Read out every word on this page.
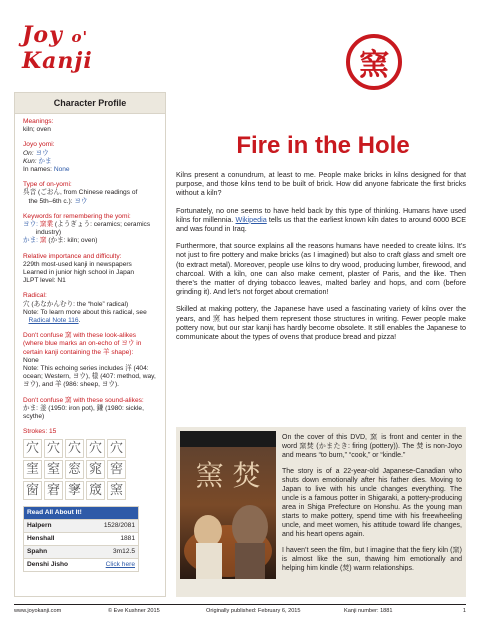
Joy o' Kanji	窯
Character Profile
Meanings:
kiln; oven
Joyo yomi:
On: ヨウ
Kun: かま
In names: None
Type of on-yomi:
呉音 (ごおん, from Chinese readings of
the 5th–6th c.): ヨウ
Keywords for remembering the yomi:
ヨウ: 窯業 (ようぎょう: ceramics; ceramics
industry)
かま: 窯 (かま: kiln; oven)
Relative importance and difficulty:
229th most-used kanji in newspapers
Learned in junior high school in Japan
JLPT level: N1
Radical:
穴 (あなかんむり: the “hole” radical)
Note: To learn more about this radical, see
Radical Note 116.
Don't confuse 窯 with these look-alikes (where blue marks an on-echo of ヨウ in certain kanji containing the 羊 shape):
None
Note: This echoing series includes 洋 (404: ocean; Western, ヨウ), 様 (407: method, way, ヨウ), and 羊 (986: sheep, ヨウ).
Don't confuse 窯 with these sound-alikes:
かま: 釜 (1950: iron pot), 鎌 (1980: sickle, scythe)
Strokes: 15
穴 穴 穴 穴 穴
窐 窒 窓 窕 窖
窗 窘 窙 窚 窯
Read All About It!
Halpern	1528/2081
Henshall	1881
Spahn	3m12.5
Denshi Jisho	Click here
Fire in the Hole

Kilns present a conundrum, at least to me. People make bricks in kilns designed for that purpose, and those kilns tend to be built of brick. How did anyone fabricate the first bricks without a kiln?

Fortunately, no one seems to have held back by this type of thinking. Humans have used kilns for millennia. Wikipedia tells us that the earliest known kiln dates to around 6000 BCE and was found in Iraq.

Furthermore, that source explains all the reasons humans have needed to create kilns. It’s not just to fire pottery and make bricks (as I imagined) but also to craft glass and smelt ore (to extract metal). Moreover, people use kilns to dry wood, producing lumber, firewood, and charcoal. With a kiln, one can also make cement, plaster of Paris, and the like. Then there’s the matter of drying tobacco leaves, malted barley and hops, and corn (before grinding it). And let’s not forget about cremation!

Skilled at making pottery, the Japanese have used a fascinating variety of kilns over the years, and 窯 has helped them represent those structures in writing. Fewer people make pottery now, but our star kanji has hardly become obsolete. It still enables the Japanese to communicate about the types of ovens that produce bread and pizza!

窯 焚

On the cover of this DVD, 窯 is front and center in the word 窯焚 (かまたき: firing (pottery)). The 焚 is non-Joyo and means “to burn,” “cook,” or “kindle.”

The story is of a 22-year-old Japanese-Canadian who shuts down emotionally after his father dies. Moving to Japan to live with his uncle changes everything. The uncle is a famous potter in Shigaraki, a pottery-producing area in Shiga Prefecture on Honshu. As the young man starts to make pottery, spend time with his freewheeling uncle, and meet women, his attitude toward life changes, and his heart opens again.

I haven’t seen the film, but I imagine that the fiery kiln (窯) is almost like the sun, thawing him emotionally and helping him kindle (焚) warm relationships.

www.joyokanji.com	© Eve Kushner 2015	Originally published: February 6, 2015	Kanji number: 1881	1
